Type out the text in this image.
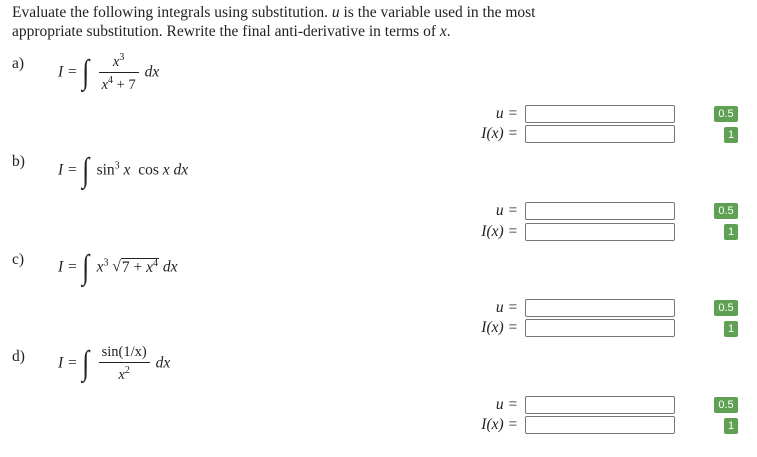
Evaluate the following integrals using substitution. u is the variable used in the most
appropriate substitution. Rewrite the final anti-derivative in terms of x.
a) I = ∫ $\frac{x^3}{x^4 + 7}$ dx
u =	0.5
I(x) =	1
b)
I = ∫ $\sin^3 x$ cos x dx
u =	0.5
I(x) =	1
c) I = ∫ $x^3$ $√7 + x^4$ dx
u =	0.5
I(x) =	1
d) I = ∫ $\frac{\sin(1/x)}{x^2}$ dx
u =	0.5
I(x) =	1
